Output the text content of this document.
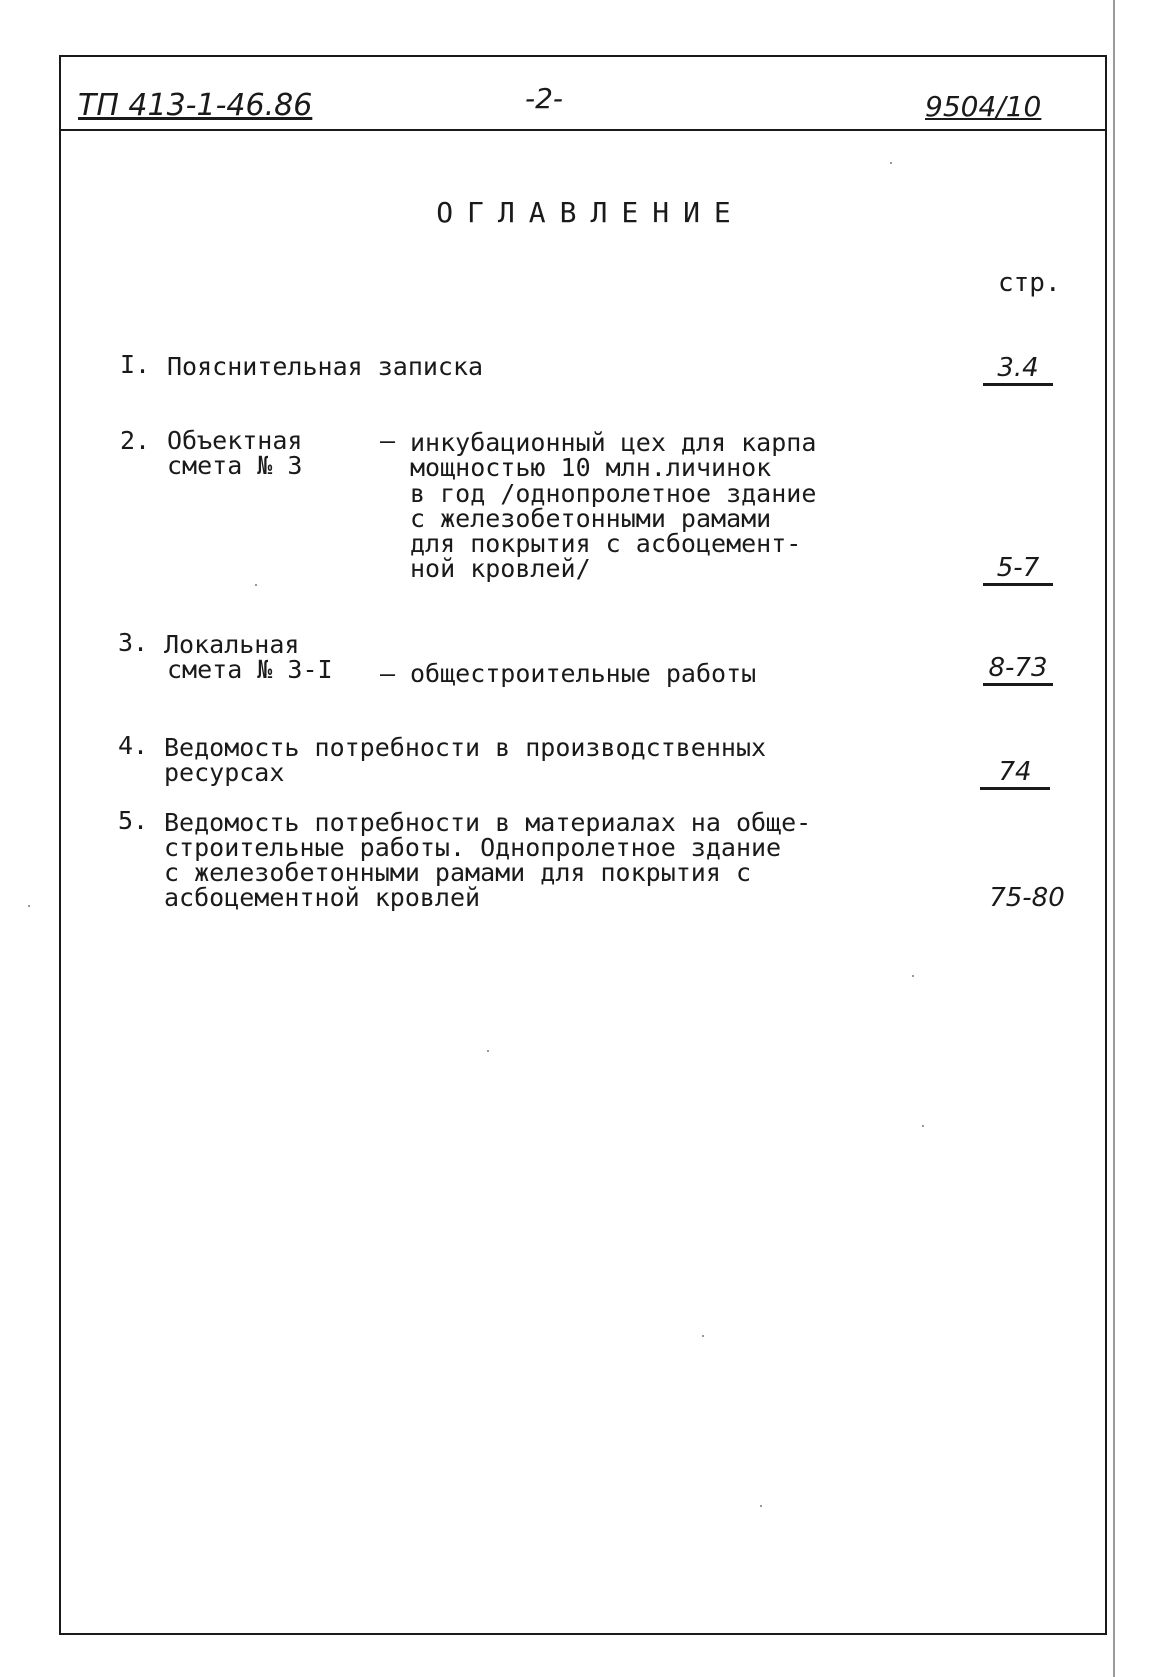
ТП 413-1-46.86	-2-	9504/10
ОГЛАВЛЕНИЕ
стр.
I. Пояснительная записка	3.4
2. Объектная
смета № 3
– инкубационный цех для карпа
мощностью 10 млн.личинок
в год /однопролетное здание
с железобетонными рамами
для покрытия с асбоцемент-
ной кровлей/	5-7
3. Локальная
смета № 3-I – общестроительные работы	8-73
4. Ведомость потребности в производственных
ресурсах	74
5. Ведомость потребности в материалах на обще-
строительные работы. Однопролетное здание
с железобетонными рамами для покрытия с
асбоцементной кровлей	75-80
